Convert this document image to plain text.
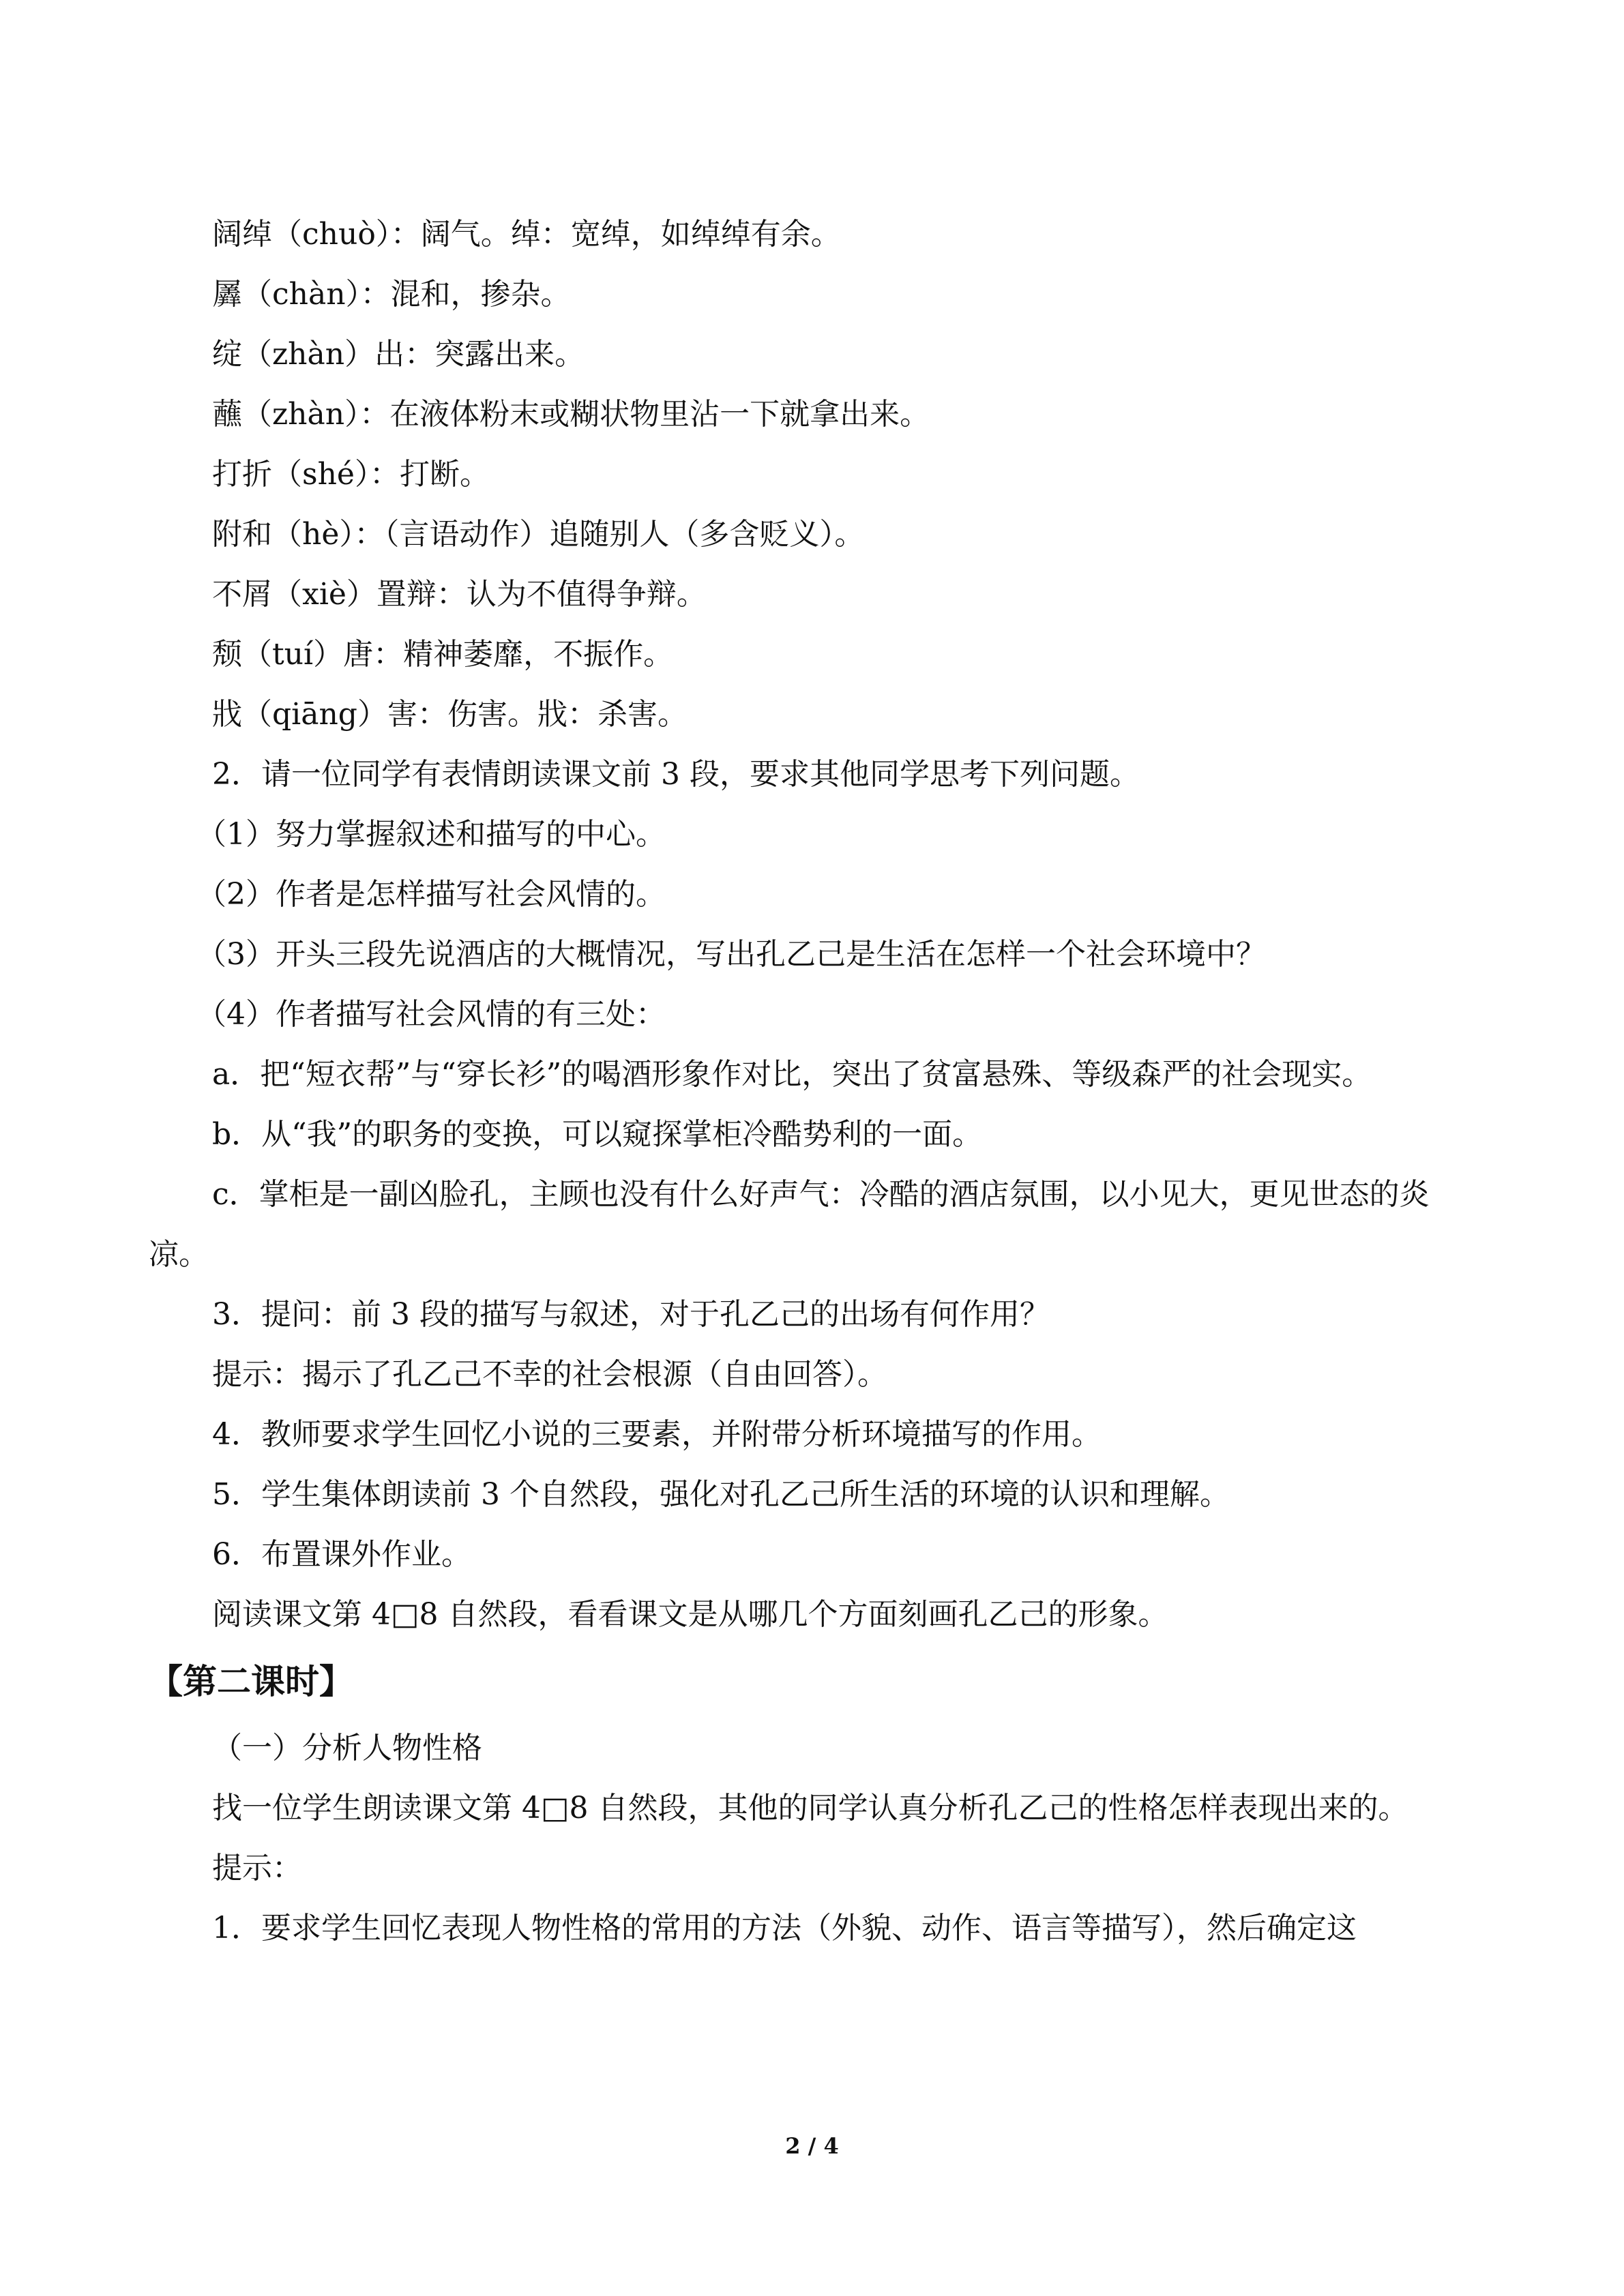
阔绰（chuò）：阔气。绰：宽绰，如绰绰有余。
羼（chàn）：混和，掺杂。
绽（zhàn）出：突露出来。
蘸（zhàn）：在液体粉末或糊状物里沾一下就拿出来。
打折（shé）：打断。
附和（hè）：（言语动作）追随别人（多含贬义）。
不屑（xiè）置辩：认为不值得争辩。
颓（tuí）唐：精神萎靡，不振作。
戕（qiāng）害：伤害。戕：杀害。
2．请一位同学有表情朗读课文前 3 段，要求其他同学思考下列问题。
（1）努力掌握叙述和描写的中心。
（2）作者是怎样描写社会风情的。
（3）开头三段先说酒店的大概情况，写出孔乙己是生活在怎样一个社会环境中？
（4）作者描写社会风情的有三处：
a．把“短衣帮”与“穿长衫”的喝酒形象作对比，突出了贫富悬殊、等级森严的社会现实。
b．从“我”的职务的变换，可以窥探掌柜冷酷势利的一面。
c．掌柜是一副凶脸孔，主顾也没有什么好声气：冷酷的酒店氛围，以小见大，更见世态的炎凉。
3．提问：前 3 段的描写与叙述，对于孔乙己的出场有何作用？
提示：揭示了孔乙己不幸的社会根源（自由回答）。
4．教师要求学生回忆小说的三要素，并附带分析环境描写的作用。
5．学生集体朗读前 3 个自然段，强化对孔乙己所生活的环境的认识和理解。
6．布置课外作业。
阅读课文第 4□8 自然段，看看课文是从哪几个方面刻画孔乙己的形象。
【第二课时】
（一）分析人物性格
找一位学生朗读课文第 4□8 自然段，其他的同学认真分析孔乙己的性格怎样表现出来的。
提示：
1．要求学生回忆表现人物性格的常用的方法（外貌、动作、语言等描写），然后确定这
2 / 4
